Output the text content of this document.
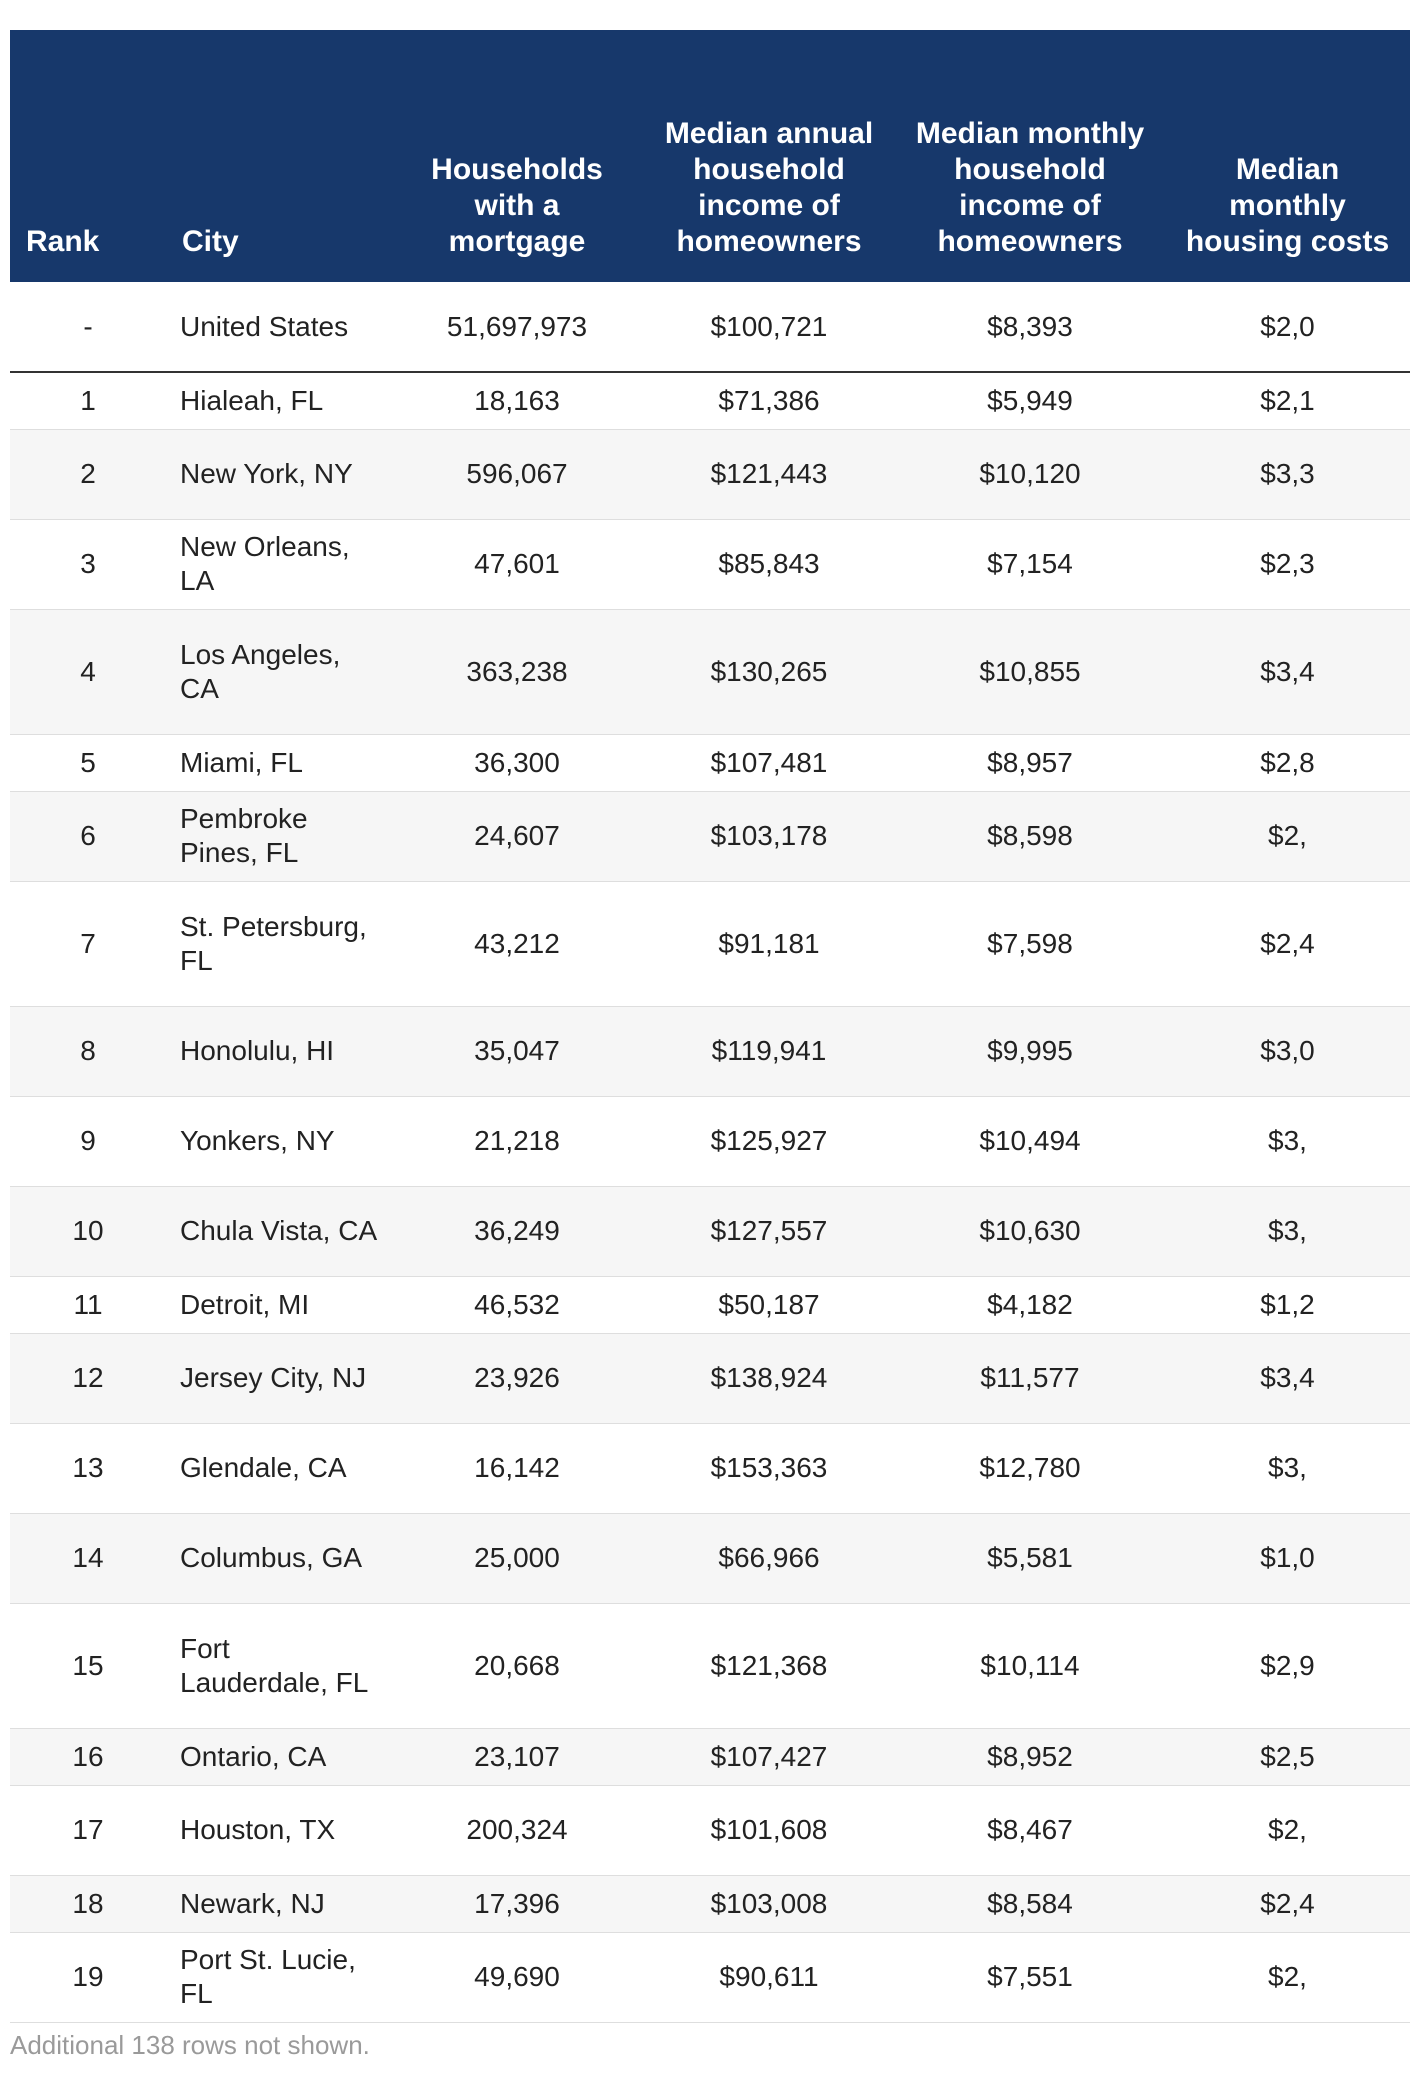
Rank	City	Households with a mortgage	Median annual household income of homeowners	Median monthly household income of homeowners	Median monthly housing costs
-	United States	51,697,973	$100,721	$8,393	$2,0
1	Hialeah, FL	18,163	$71,386	$5,949	$2,1
2	New York, NY	596,067	$121,443	$10,120	$3,3
3	New Orleans, LA	47,601	$85,843	$7,154	$2,3
4	Los Angeles, CA	363,238	$130,265	$10,855	$3,4
5	Miami, FL	36,300	$107,481	$8,957	$2,8
6	Pembroke Pines, FL	24,607	$103,178	$8,598	$2,
7	St. Petersburg, FL	43,212	$91,181	$7,598	$2,4
8	Honolulu, HI	35,047	$119,941	$9,995	$3,0
9	Yonkers, NY	21,218	$125,927	$10,494	$3,
10	Chula Vista, CA	36,249	$127,557	$10,630	$3,
11	Detroit, MI	46,532	$50,187	$4,182	$1,2
12	Jersey City, NJ	23,926	$138,924	$11,577	$3,4
13	Glendale, CA	16,142	$153,363	$12,780	$3,
14	Columbus, GA	25,000	$66,966	$5,581	$1,0
15	Fort Lauderdale, FL	20,668	$121,368	$10,114	$2,9
16	Ontario, CA	23,107	$107,427	$8,952	$2,5
17	Houston, TX	200,324	$101,608	$8,467	$2,
18	Newark, NJ	17,396	$103,008	$8,584	$2,4
19	Port St. Lucie, FL	49,690	$90,611	$7,551	$2,
Additional 138 rows not shown.
